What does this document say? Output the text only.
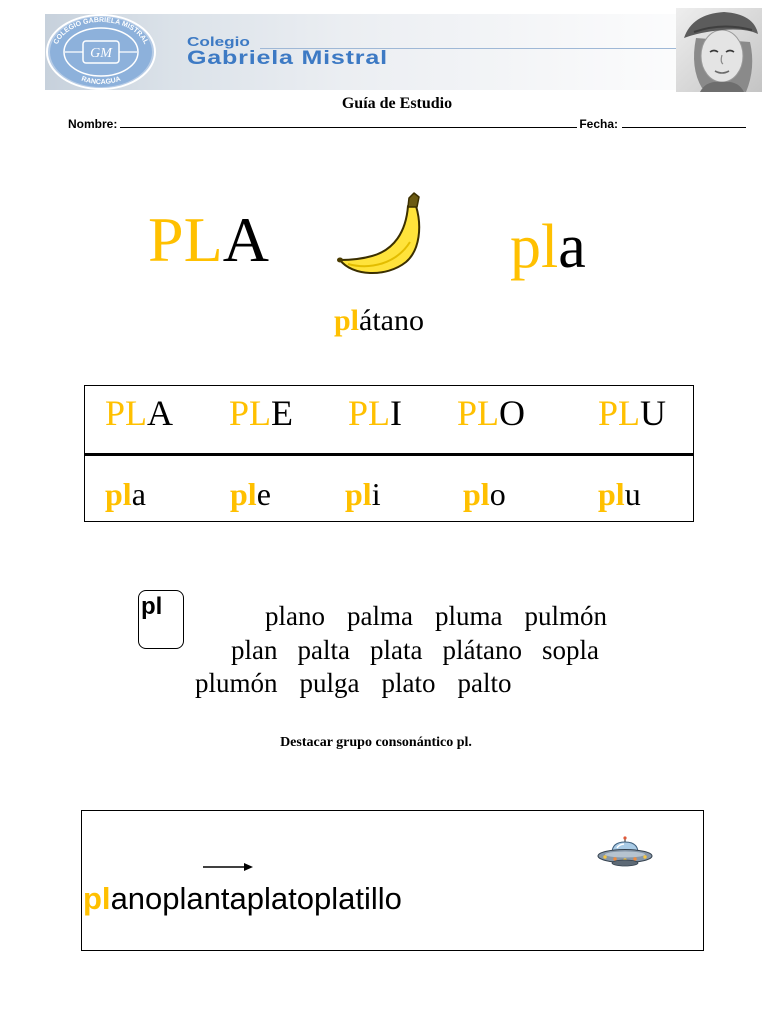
COLEGIO GABRIELA MISTRAL
RANCAGUA
GM
Colegio
Gabriela Mistral
Guía de Estudio
Nombre:	Fecha:
PLA	pla
plátano
PLA PLE PLI PLO PLU
pla	ple pli	plo	plu
pl	plano palma pluma pulmón
plan palta plata plátano sopla
plumón pulga plato palto
Destacar grupo consonántico pl.
planoplantaplatoplatillo
